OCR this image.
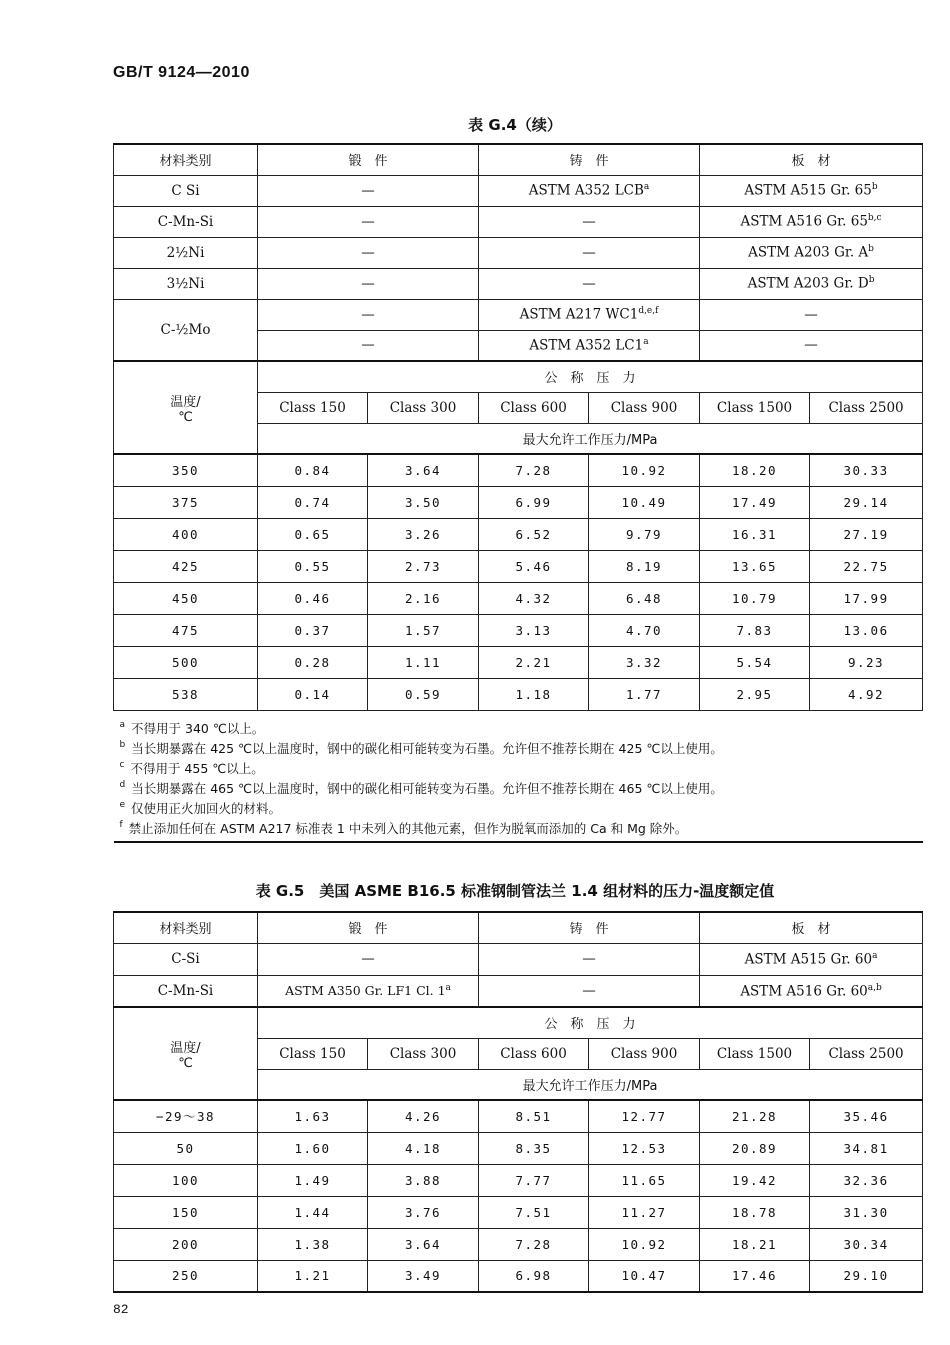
GB/T 9124—2010
表 G.4（续）
材料类别	锻　件		铸　件		板　材	
C Si	—		ASTM A352 LCB$^a$		ASTM A515 Gr. 65$^b$
C-Mn-Si	—		—		ASTM A516 Gr. 65$^{b,c}$
2½Ni	—		—		ASTM A203 Gr. $A^b$
3½Ni	—		—		ASTM A203 Gr. $D^b$
C-½Mo	—		ASTM A217 WC1$^{d,e,f}$		—	
	—		ASTM A352 LC1$^a$		—	

温度/
℃	公　称　压　力					
	Class 150	Class 300	Class 600	Class 900	Class 1500	Class 2500
	最大允许工作压力/MPa					
350	0.84	3.64	7.28	10.92	18.20	30.33
375	0.74	3.50	6.99	10.49	17.49	29.14
400	0.65	3.26	6.52	9.79	16.31	27.19
425	0.55	2.73	5.46	8.19	13.65	22.75
450	0.46	2.16	4.32	6.48	10.79	17.99
475	0.37	1.57	3.13	4.70	7.83	13.06
500	0.28	1.11	2.21	3.32	5.54	9.23
538	0.14	0.59	1.18	1.77	2.95	4.92
$^a$ 不得用于 340 ℃以上。						
$^b$ 当长期暴露在 425 ℃以上温度时，钢中的碳化相可能转变为石墨。允许但不推荐长期在 425 ℃以上使用。						
$^c$ 不得用于 455 ℃以上。						
$^d$ 当长期暴露在 465 ℃以上温度时，钢中的碳化相可能转变为石墨。允许但不推荐长期在 465 ℃以上使用。						
$^e$ 仅使用正火加回火的材料。						
$^f$ 禁止添加任何在 ASTM A217 标准表 1 中未列入的其他元素，但作为脱氧而添加的 Ca 和 Mg 除外。						
表 G.5　美国 ASME B16.5 标准钢制管法兰 1.4 组材料的压力-温度额定值
材料类别	锻　件		铸　件		板　材	
C-Si	—		—		ASTM A515 Gr. 60$^a$
C-Mn-Si	ASTM A350 Gr. LF1 Cl. 1$^a$		—		ASTM A516 Gr. 60$^{a,b}$

温度/
℃	公　称　压　力					
	Class 150	Class 300	Class 600	Class 900	Class 1500	Class 2500
	最大允许工作压力/MPa					
−29～38	1.63	4.26	8.51	12.77	21.28	35.46
50	1.60	4.18	8.35	12.53	20.89	34.81
100	1.49	3.88	7.77	11.65	19.42	32.36
150	1.44	3.76	7.51	11.27	18.78	31.30
200	1.38	3.64	7.28	10.92	18.21	30.34
250	1.21	3.49	6.98	10.47	17.46	29.10
82
